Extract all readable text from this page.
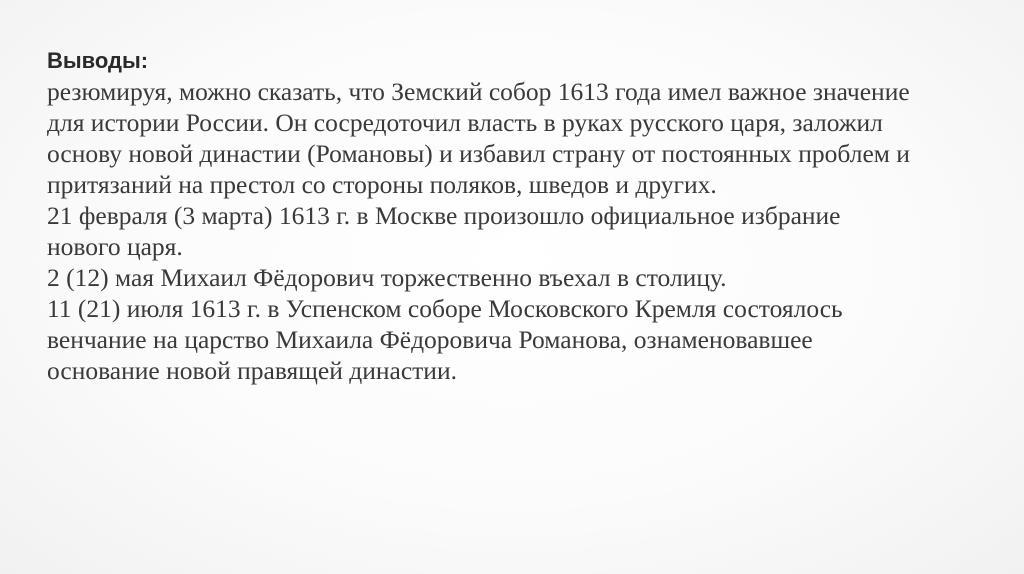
Выводы:

резюмируя, можно сказать, что Земский собор 1613 года имел важное значение для истории России. Он сосредоточил власть в руках русского царя, заложил основу новой династии (Романовы) и избавил страну от постоянных проблем и притязаний на престол со стороны поляков, шведов и других.

21 февраля (3 марта) 1613 г. в Москве произошло официальное избрание нового царя.

2 (12) мая Михаил Фёдорович торжественно въехал в столицу.

11 (21) июля 1613 г. в Успенском соборе Московского Кремля состоялось венчание на царство Михаила Фёдоровича Романова, ознаменовавшее основание новой правящей династии.
